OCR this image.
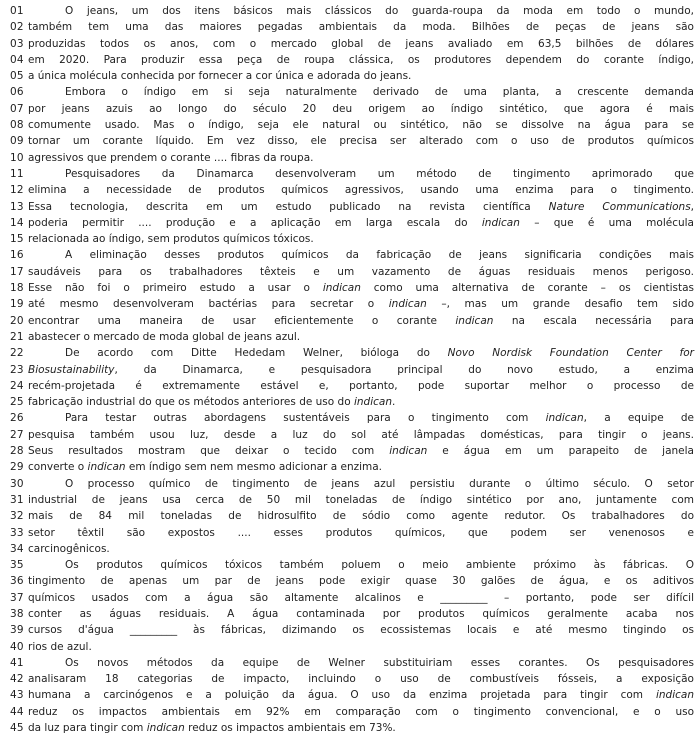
01	O jeans, um dos itens básicos mais clássicos do guarda-roupa da moda em todo o mundo,
02 também tem uma das maiores pegadas ambientais da moda. Bilhões de peças de jeans são
03 produzidas todos os anos, com o mercado global de jeans avaliado em 63,5 bilhões de dólares
04 em 2020. Para produzir essa peça de roupa clássica, os produtores dependem do corante índigo,
05 a única molécula conhecida por fornecer a cor única e adorada do jeans.
06	Embora o índigo em si seja naturalmente derivado de uma planta, a crescente demanda
07 por jeans azuis ao longo do século 20 deu origem ao índigo sintético, que agora é mais
08 comumente usado. Mas o índigo, seja ele natural ou sintético, não se dissolve na água para se
09 tornar um corante líquido. Em vez disso, ele precisa ser alterado com o uso de produtos químicos
10 agressivos que prendem o corante .... fibras da roupa.
11	Pesquisadores da Dinamarca desenvolveram um método de tingimento aprimorado que
12 elimina a necessidade de produtos químicos agressivos, usando uma enzima para o tingimento.
13 Essa tecnologia, descrita em um estudo publicado na revista científica Nature Communications,
14 poderia permitir .... produção e a aplicação em larga escala do indican – que é uma molécula
15 relacionada ao índigo, sem produtos químicos tóxicos.
16	A eliminação desses produtos químicos da fabricação de jeans significaria condições mais
17 saudáveis para os trabalhadores têxteis e um vazamento de águas residuais menos perigoso.
18 Esse não foi o primeiro estudo a usar o indican como uma alternativa de corante – os cientistas
19 até mesmo desenvolveram bactérias para secretar o indican –, mas um grande desafio tem sido
20 encontrar uma maneira de usar eficientemente o corante indican na escala necessária para
21 abastecer o mercado de moda global de jeans azul.
22	De acordo com Ditte Hededam Welner, bióloga do Novo Nordisk Foundation Center for
23 Biosustainability, da Dinamarca, e pesquisadora principal do novo estudo, a enzima
24 recém-projetada é extremamente estável e, portanto, pode suportar melhor o processo de
25 fabricação industrial do que os métodos anteriores de uso do indican.
26	Para testar outras abordagens sustentáveis para o tingimento com indican, a equipe de
27 pesquisa também usou luz, desde a luz do sol até lâmpadas domésticas, para tingir o jeans.
28 Seus resultados mostram que deixar o tecido com indican e água em um parapeito de janela
29 converte o indican em índigo sem nem mesmo adicionar a enzima.
30	O processo químico de tingimento de jeans azul persistiu durante o último século. O setor
31 industrial de jeans usa cerca de 50 mil toneladas de índigo sintético por ano, juntamente com
32 mais de 84 mil toneladas de hidrosulfito de sódio como agente redutor. Os trabalhadores do
33 setor têxtil são expostos .... esses produtos químicos, que podem ser venenosos e
34 carcinogênicos.
35	Os produtos químicos tóxicos também poluem o meio ambiente próximo às fábricas. O
36 tingimento de apenas um par de jeans pode exigir quase 30 galões de água, e os aditivos
37 químicos usados com a água são altamente alcalinos e _________ – portanto, pode ser difícil
38 conter as águas residuais. A água contaminada por produtos químicos geralmente acaba nos
39 cursos d'água _________ às fábricas, dizimando os ecossistemas locais e até mesmo tingindo os
40 rios de azul.
41	Os novos métodos da equipe de Welner substituiriam esses corantes. Os pesquisadores
42 analisaram 18 categorias de impacto, incluindo o uso de combustíveis fósseis, a exposição
43 humana a carcinógenos e a poluição da água. O uso da enzima projetada para tingir com indican
44 reduz os impactos ambientais em 92% em comparação com o tingimento convencional, e o uso
45 da luz para tingir com indican reduz os impactos ambientais em 73%.
